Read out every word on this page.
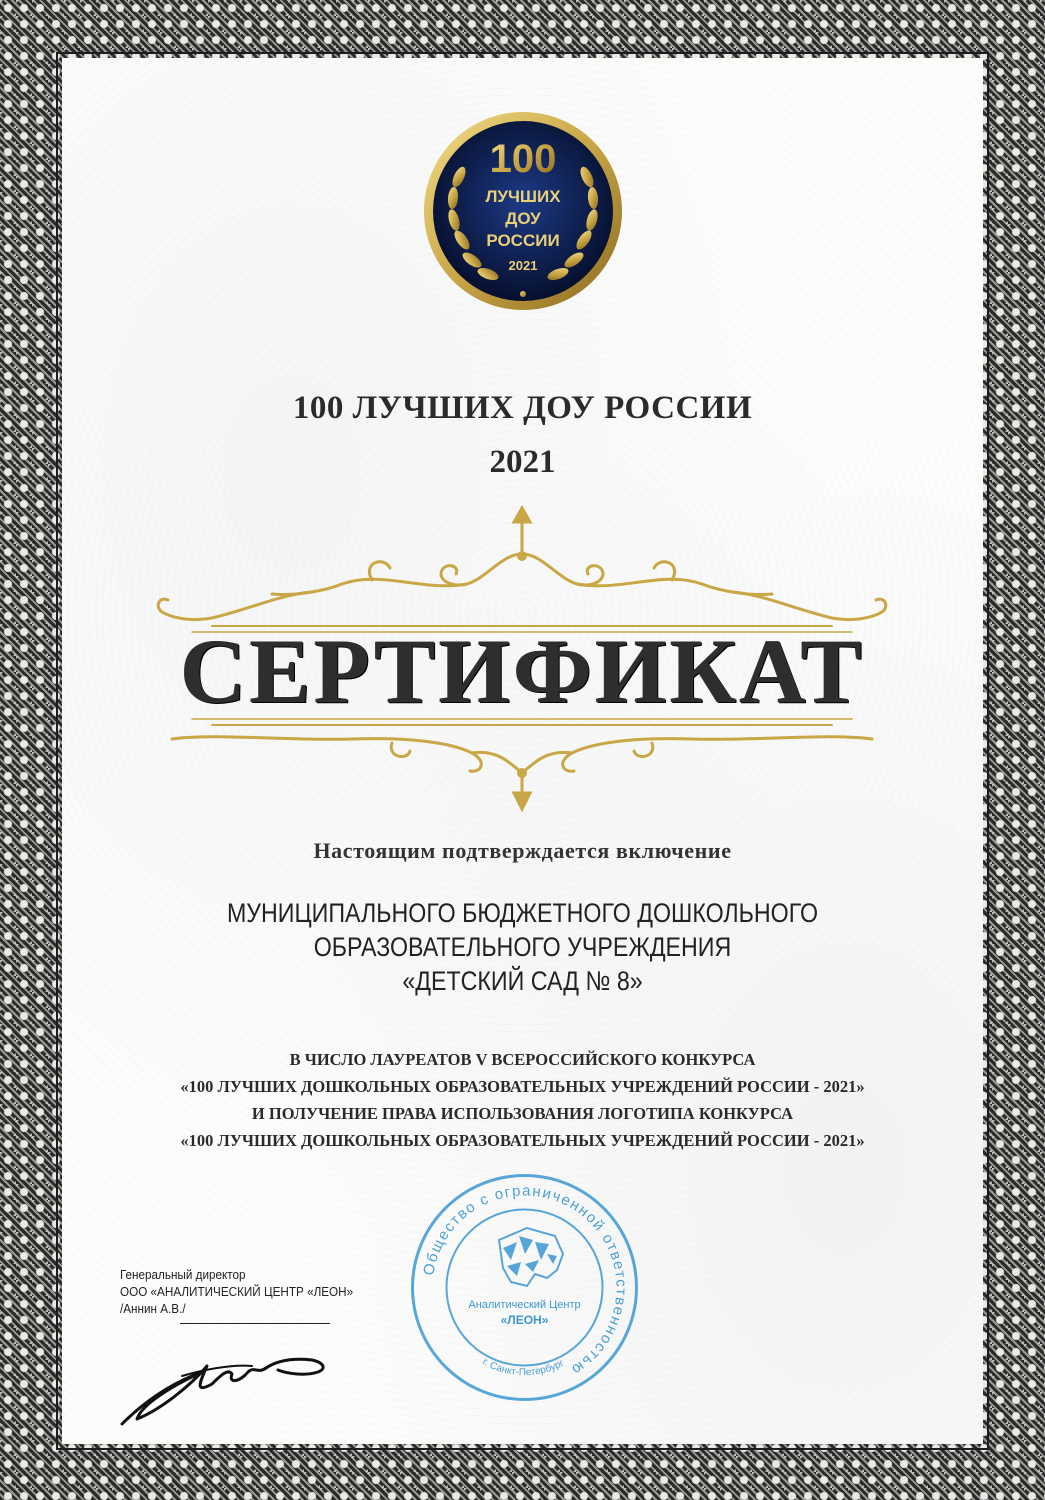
100
ЛУЧШИХ
ДОУ
РОССИИ
2021
100 ЛУЧШИХ ДОУ РОССИИ
2021
СЕРТИФИКАТ
Настоящим подтверждается включение
МУНИЦИПАЛЬНОГО БЮДЖЕТНОГО ДОШКОЛЬНОГО
ОБРАЗОВАТЕЛЬНОГО УЧРЕЖДЕНИЯ
«ДЕТСКИЙ САД № 8»
В ЧИСЛО ЛАУРЕАТОВ V ВСЕРОССИЙСКОГО КОНКУРСА
«100 ЛУЧШИХ ДОШКОЛЬНЫХ ОБРАЗОВАТЕЛЬНЫХ УЧРЕЖДЕНИЙ РОССИИ - 2021»
И ПОЛУЧЕНИЕ ПРАВА ИСПОЛЬЗОВАНИЯ ЛОГОТИПА КОНКУРСА
«100 ЛУЧШИХ ДОШКОЛЬНЫХ ОБРАЗОВАТЕЛЬНЫХ УЧРЕЖДЕНИЙ РОССИИ - 2021»
Генеральный директор
ООО «АНАЛИТИЧЕСКИЙ ЦЕНТР «ЛЕОН»
/Аннин А.В./
Общество с ограниченной ответственностью
Аналитический Центр
«ЛЕОН»
г. Санкт-Петербург
